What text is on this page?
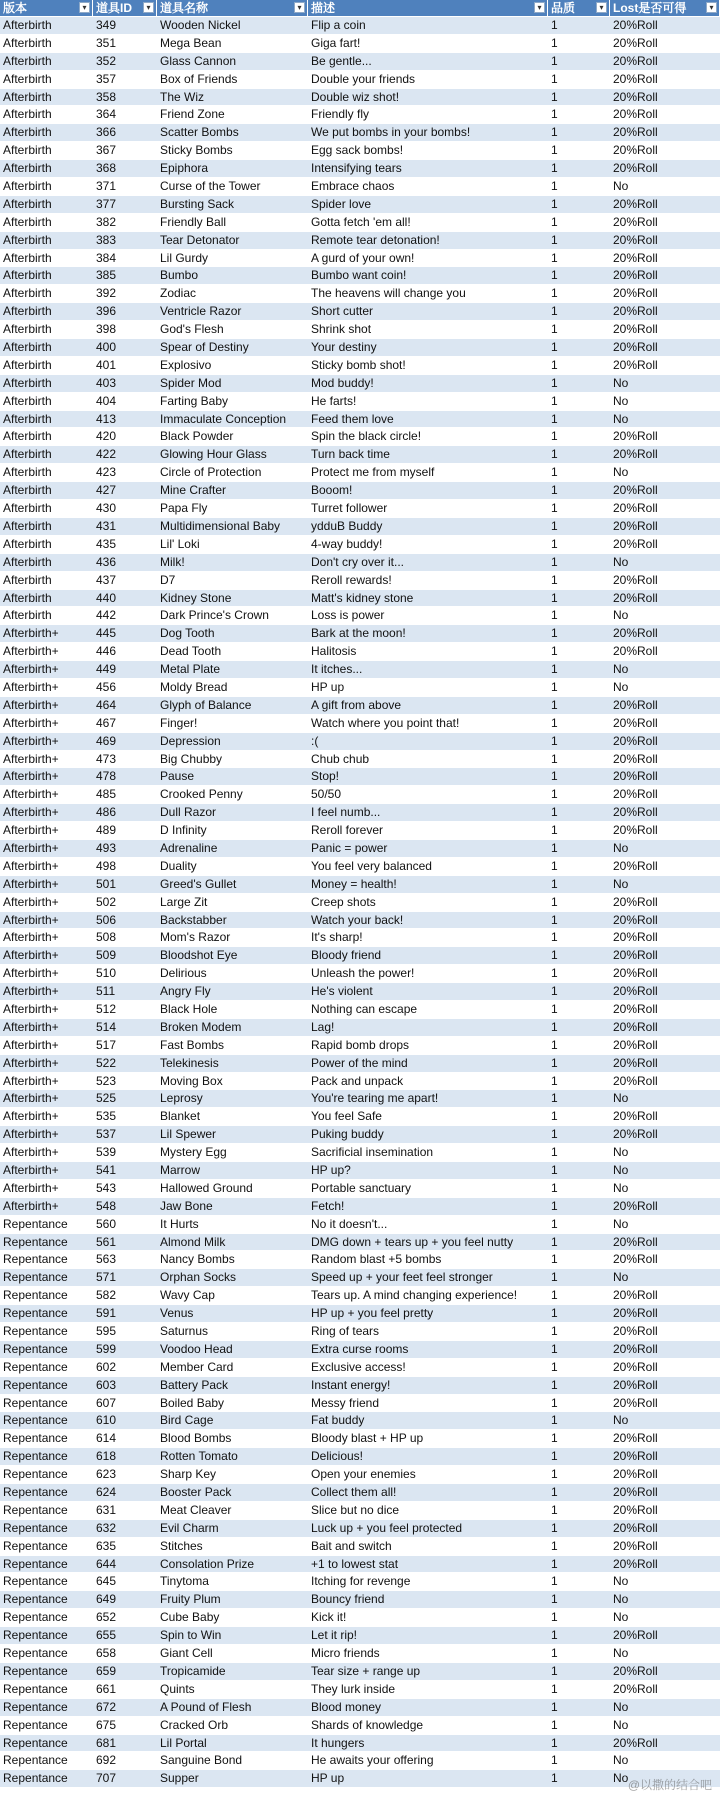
版本	▾ 道具ID	▾ 道具名称	▾ 描述	▾ 品质	▾ Lost是否可得	▾
Afterbirth	349	Wooden Nickel	Flip a coin	1	20%Roll
Afterbirth	351	Mega Bean	Giga fart!	1	20%Roll
Afterbirth	352	Glass Cannon	Be gentle...	1	20%Roll
Afterbirth	357	Box of Friends	Double your friends	1	20%Roll
Afterbirth	358	The Wiz	Double wiz shot!	1	20%Roll
Afterbirth	364	Friend Zone	Friendly fly	1	20%Roll
Afterbirth	366	Scatter Bombs	We put bombs in your bombs!	1	20%Roll
Afterbirth	367	Sticky Bombs	Egg sack bombs!	1	20%Roll
Afterbirth	368	Epiphora	Intensifying tears	1	20%Roll
Afterbirth	371	Curse of the Tower	Embrace chaos	1	No
Afterbirth	377	Bursting Sack	Spider love	1	20%Roll
Afterbirth	382	Friendly Ball	Gotta fetch 'em all!	1	20%Roll
Afterbirth	383	Tear Detonator	Remote tear detonation!	1	20%Roll
Afterbirth	384	Lil Gurdy	A gurd of your own!	1	20%Roll
Afterbirth	385	Bumbo	Bumbo want coin!	1	20%Roll
Afterbirth	392	Zodiac	The heavens will change you	1	20%Roll
Afterbirth	396	Ventricle Razor	Short cutter	1	20%Roll
Afterbirth	398	God's Flesh	Shrink shot	1	20%Roll
Afterbirth	400	Spear of Destiny	Your destiny	1	20%Roll
Afterbirth	401	Explosivo	Sticky bomb shot!	1	20%Roll
Afterbirth	403	Spider Mod	Mod buddy!	1	No
Afterbirth	404	Farting Baby	He farts!	1	No
Afterbirth	413	Immaculate Conception	Feed them love	1	No
Afterbirth	420	Black Powder	Spin the black circle!	1	20%Roll
Afterbirth	422	Glowing Hour Glass	Turn back time	1	20%Roll
Afterbirth	423	Circle of Protection	Protect me from myself	1	No
Afterbirth	427	Mine Crafter	Booom!	1	20%Roll
Afterbirth	430	Papa Fly	Turret follower	1	20%Roll
Afterbirth	431	Multidimensional Baby	ydduB Buddy	1	20%Roll
Afterbirth	435	Lil' Loki	4-way buddy!	1	20%Roll
Afterbirth	436	Milk!	Don't cry over it...	1	No
Afterbirth	437	D7	Reroll rewards!	1	20%Roll
Afterbirth	440	Kidney Stone	Matt's kidney stone	1	20%Roll
Afterbirth	442	Dark Prince's Crown	Loss is power	1	No
Afterbirth+	445	Dog Tooth	Bark at the moon!	1	20%Roll
Afterbirth+	446	Dead Tooth	Halitosis	1	20%Roll
Afterbirth+	449	Metal Plate	It itches...	1	No
Afterbirth+	456	Moldy Bread	HP up	1	No
Afterbirth+	464	Glyph of Balance	A gift from above	1	20%Roll
Afterbirth+	467	Finger!	Watch where you point that!	1	20%Roll
Afterbirth+	469	Depression	:(	1	20%Roll
Afterbirth+	473	Big Chubby	Chub chub	1	20%Roll
Afterbirth+	478	Pause	Stop!	1	20%Roll
Afterbirth+	485	Crooked Penny	50/50	1	20%Roll
Afterbirth+	486	Dull Razor	I feel numb...	1	20%Roll
Afterbirth+	489	D Infinity	Reroll forever	1	20%Roll
Afterbirth+	493	Adrenaline	Panic = power	1	No
Afterbirth+	498	Duality	You feel very balanced	1	20%Roll
Afterbirth+	501	Greed's Gullet	Money = health!	1	No
Afterbirth+	502	Large Zit	Creep shots	1	20%Roll
Afterbirth+	506	Backstabber	Watch your back!	1	20%Roll
Afterbirth+	508	Mom's Razor	It's sharp!	1	20%Roll
Afterbirth+	509	Bloodshot Eye	Bloody friend	1	20%Roll
Afterbirth+	510	Delirious	Unleash the power!	1	20%Roll
Afterbirth+	511	Angry Fly	He's violent	1	20%Roll
Afterbirth+	512	Black Hole	Nothing can escape	1	20%Roll
Afterbirth+	514	Broken Modem	Lag!	1	20%Roll
Afterbirth+	517	Fast Bombs	Rapid bomb drops	1	20%Roll
Afterbirth+	522	Telekinesis	Power of the mind	1	20%Roll
Afterbirth+	523	Moving Box	Pack and unpack	1	20%Roll
Afterbirth+	525	Leprosy	You're tearing me apart!	1	No
Afterbirth+	535	Blanket	You feel Safe	1	20%Roll
Afterbirth+	537	Lil Spewer	Puking buddy	1	20%Roll
Afterbirth+	539	Mystery Egg	Sacrificial insemination	1	No
Afterbirth+	541	Marrow	HP up?	1	No
Afterbirth+	543	Hallowed Ground	Portable sanctuary	1	No
Afterbirth+	548	Jaw Bone	Fetch!	1	20%Roll
Repentance	560	It Hurts	No it doesn't...	1	No
Repentance	561	Almond Milk	DMG down + tears up + you feel nutty	1	20%Roll
Repentance	563	Nancy Bombs	Random blast +5 bombs	1	20%Roll
Repentance	571	Orphan Socks	Speed up + your feet feel stronger	1	No
Repentance	582	Wavy Cap	Tears up. A mind changing experience!	1	20%Roll
Repentance	591	Venus	HP up + you feel pretty	1	20%Roll
Repentance	595	Saturnus	Ring of tears	1	20%Roll
Repentance	599	Voodoo Head	Extra curse rooms	1	20%Roll
Repentance	602	Member Card	Exclusive access!	1	20%Roll
Repentance	603	Battery Pack	Instant energy!	1	20%Roll
Repentance	607	Boiled Baby	Messy friend	1	20%Roll
Repentance	610	Bird Cage	Fat buddy	1	No
Repentance	614	Blood Bombs	Bloody blast + HP up	1	20%Roll
Repentance	618	Rotten Tomato	Delicious!	1	20%Roll
Repentance	623	Sharp Key	Open your enemies	1	20%Roll
Repentance	624	Booster Pack	Collect them all!	1	20%Roll
Repentance	631	Meat Cleaver	Slice but no dice	1	20%Roll
Repentance	632	Evil Charm	Luck up + you feel protected	1	20%Roll
Repentance	635	Stitches	Bait and switch	1	20%Roll
Repentance	644	Consolation Prize	+1 to lowest stat	1	20%Roll
Repentance	645	Tinytoma	Itching for revenge	1	No
Repentance	649	Fruity Plum	Bouncy friend	1	No
Repentance	652	Cube Baby	Kick it!	1	No
Repentance	655	Spin to Win	Let it rip!	1	20%Roll
Repentance	658	Giant Cell	Micro friends	1	No
Repentance	659	Tropicamide	Tear size + range up	1	20%Roll
Repentance	661	Quints	They lurk inside	1	20%Roll
Repentance	672	A Pound of Flesh	Blood money	1	No
Repentance	675	Cracked Orb	Shards of knowledge	1	No
Repentance	681	Lil Portal	It hungers	1	20%Roll
Repentance	692	Sanguine Bond	He awaits your offering	1	No
Repentance	707	Supper	HP up	1	No @以撒的结合吧
